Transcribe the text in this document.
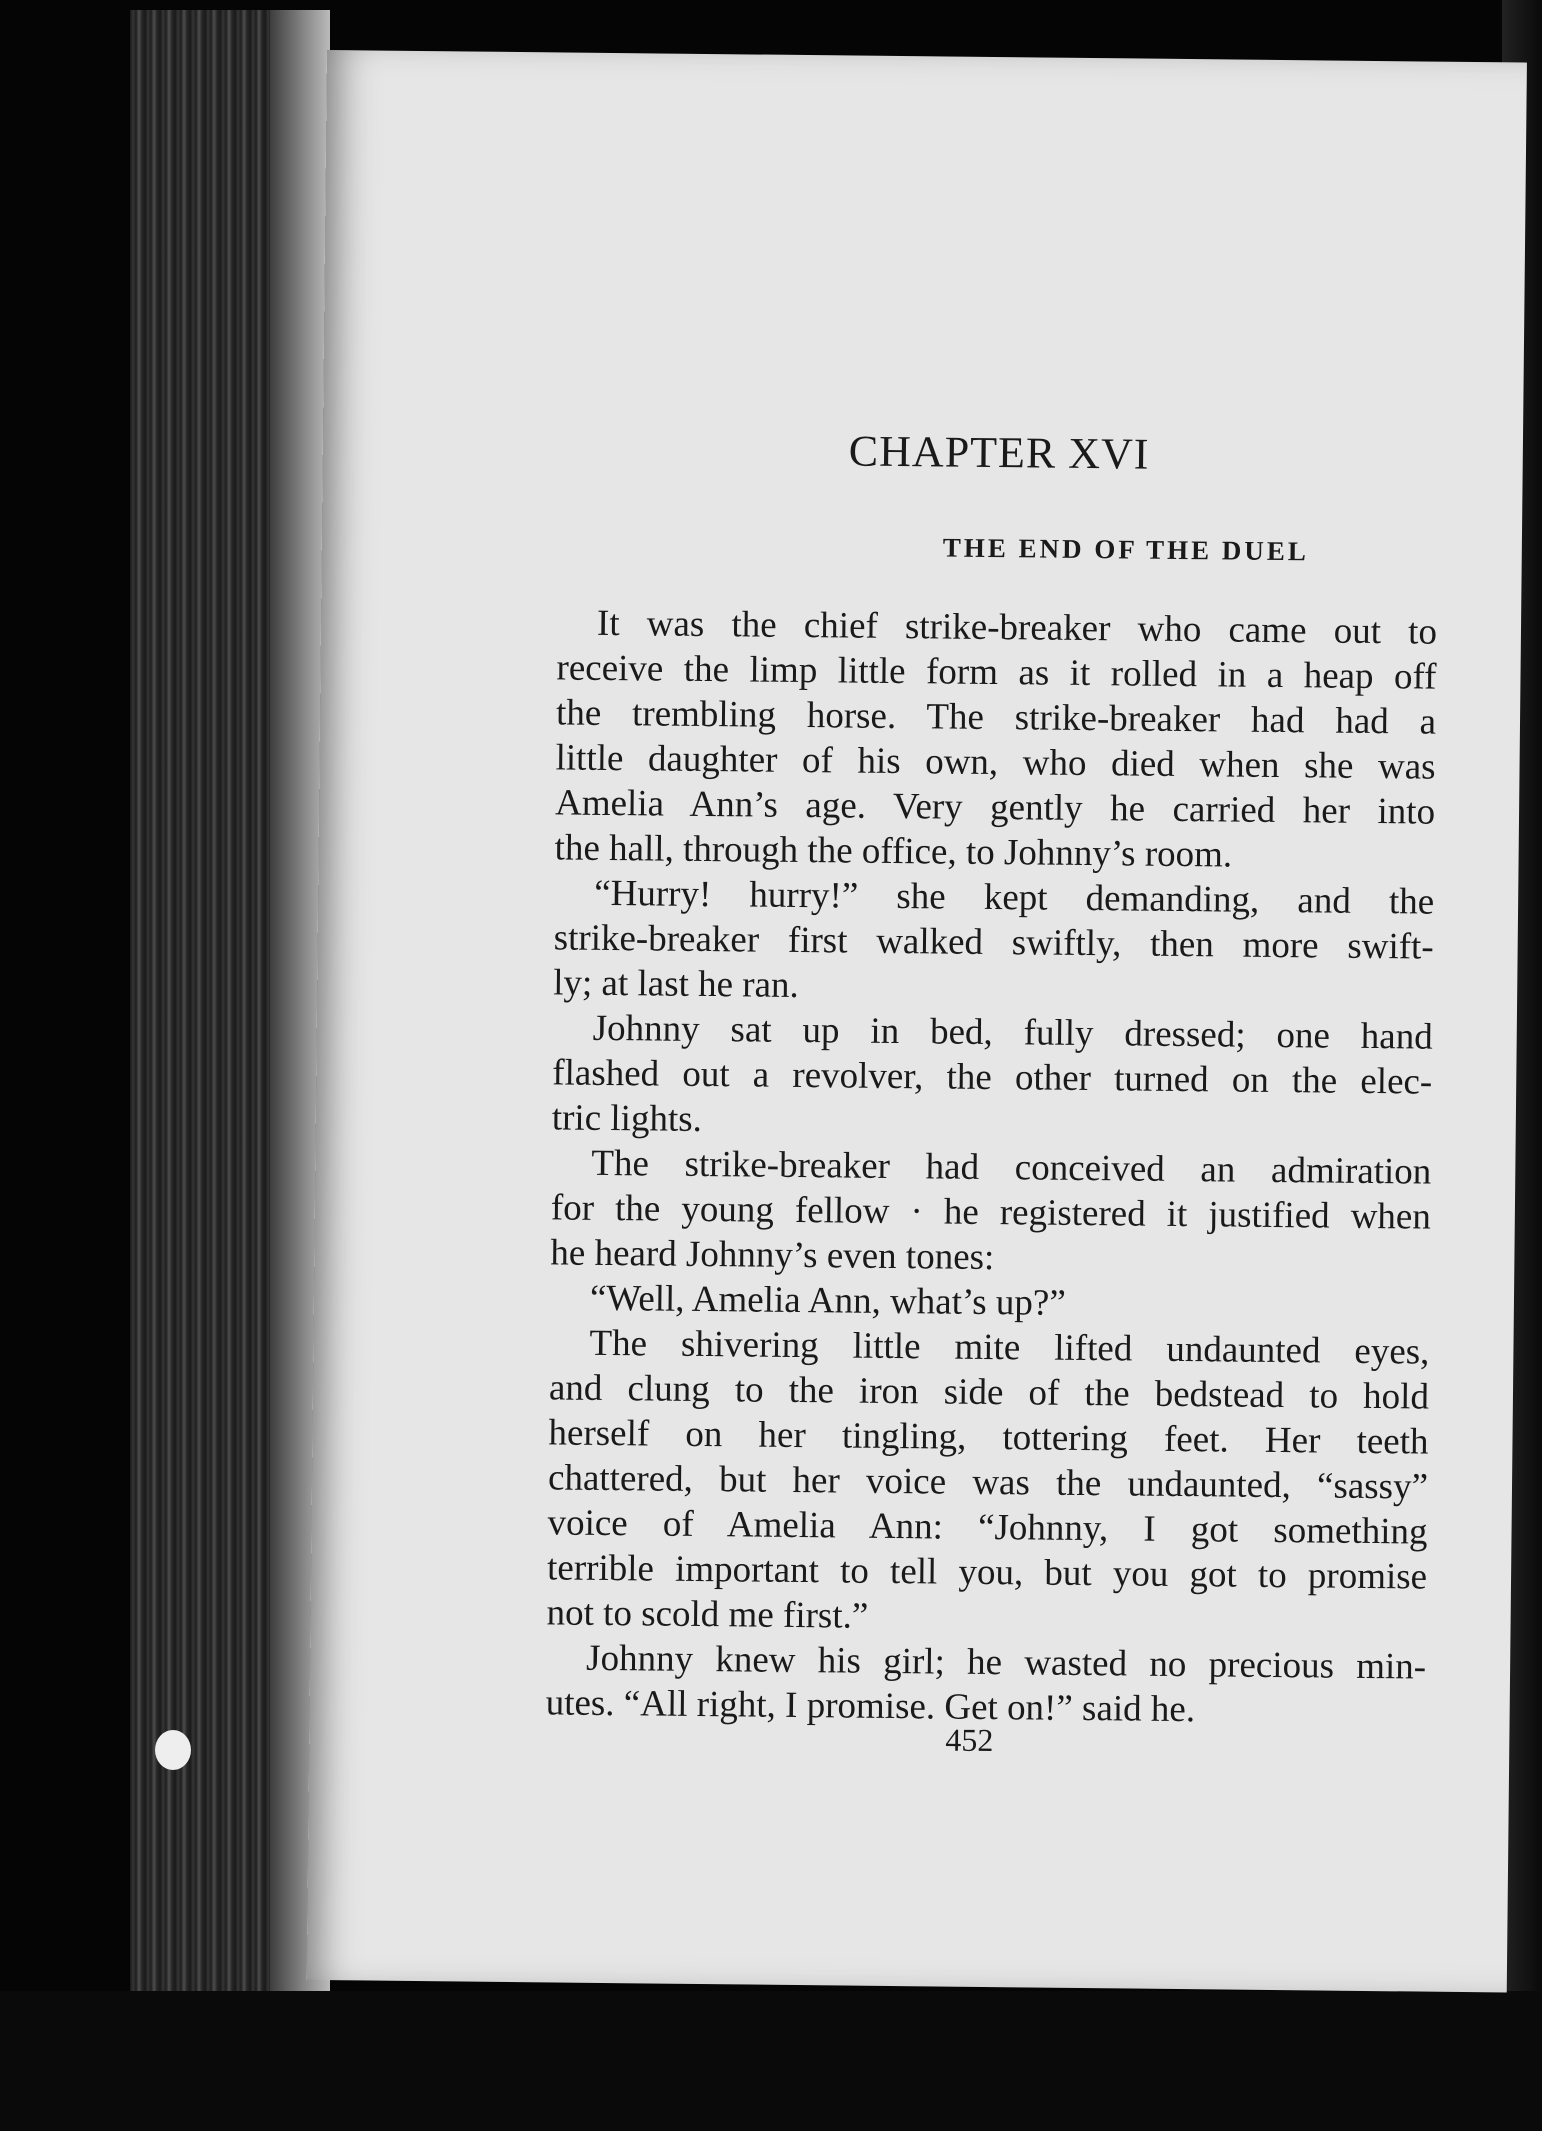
CHAPTER XVI
THE END OF THE DUEL
It was the chief strike-breaker who came out to
receive the limp little form as it rolled in a heap off
the trembling horse. The strike-breaker had had a
little daughter of his own, who died when she was
Amelia Ann’s age. Very gently he carried her into
the hall, through the office, to Johnny’s room.
“Hurry! hurry!” she kept demanding, and the
strike-breaker first walked swiftly, then more swift-
ly; at last he ran.
Johnny sat up in bed, fully dressed; one hand
flashed out a revolver, the other turned on the elec-
tric lights.
The strike-breaker had conceived an admiration
for the young fellow · he registered it justified when
he heard Johnny’s even tones:
“Well, Amelia Ann, what’s up?”
The shivering little mite lifted undaunted eyes,
and clung to the iron side of the bedstead to hold
herself on her tingling, tottering feet. Her teeth
chattered, but her voice was the undaunted, “sassy”
voice of Amelia Ann: “Johnny, I got something
terrible important to tell you, but you got to promise
not to scold me first.”
Johnny knew his girl; he wasted no precious min-
utes. “All right, I promise. Get on!” said he.
452
